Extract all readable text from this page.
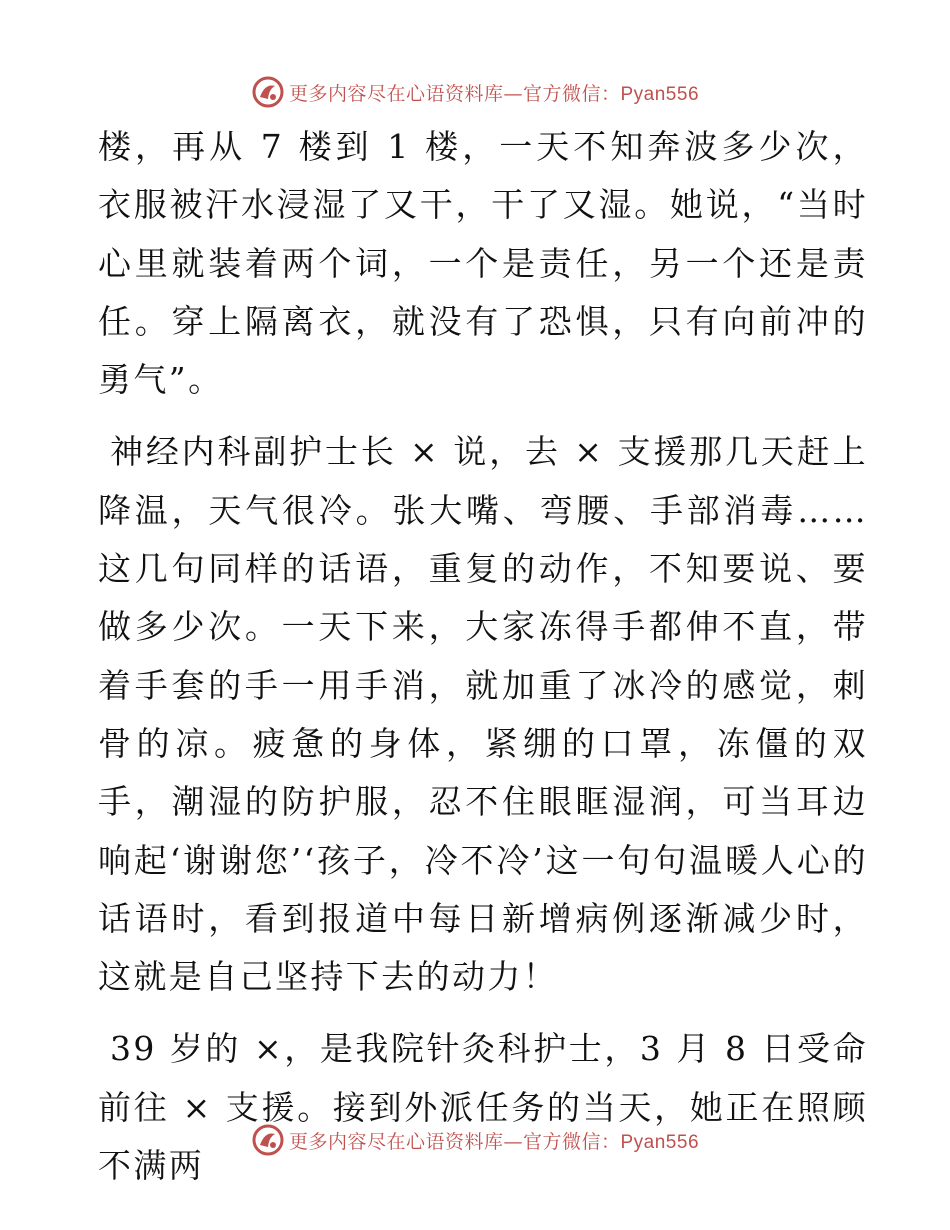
更多内容尽在心语资料库—官方微信：Pyan556

楼，再从 7 楼到 1 楼，一天不知奔波多少次，衣服被汗水浸湿了又干，干了又湿。她说，“当时心里就装着两个词，一个是责任，另一个还是责任。穿上隔离衣，就没有了恐惧，只有向前冲的勇气”。

神经内科副护士长 × 说，去 × 支援那几天赶上降温，天气很冷。张大嘴、弯腰、手部消毒……这几句同样的话语，重复的动作，不知要说、要做多少次。一天下来，大家冻得手都伸不直，带着手套的手一用手消，就加重了冰冷的感觉，刺骨的凉。疲惫的身体，紧绷的口罩，冻僵的双手，潮湿的防护服，忍不住眼眶湿润，可当耳边响起‘谢谢您’‘孩子，冷不冷’这一句句温暖人心的话语时，看到报道中每日新增病例逐渐减少时，这就是自己坚持下去的动力！

39 岁的 ×，是我院针灸科护士，3 月 8 日受命前往 × 支援。接到外派任务的当天，她正在照顾不满两

更多内容尽在心语资料库—官方微信：Pyan556
